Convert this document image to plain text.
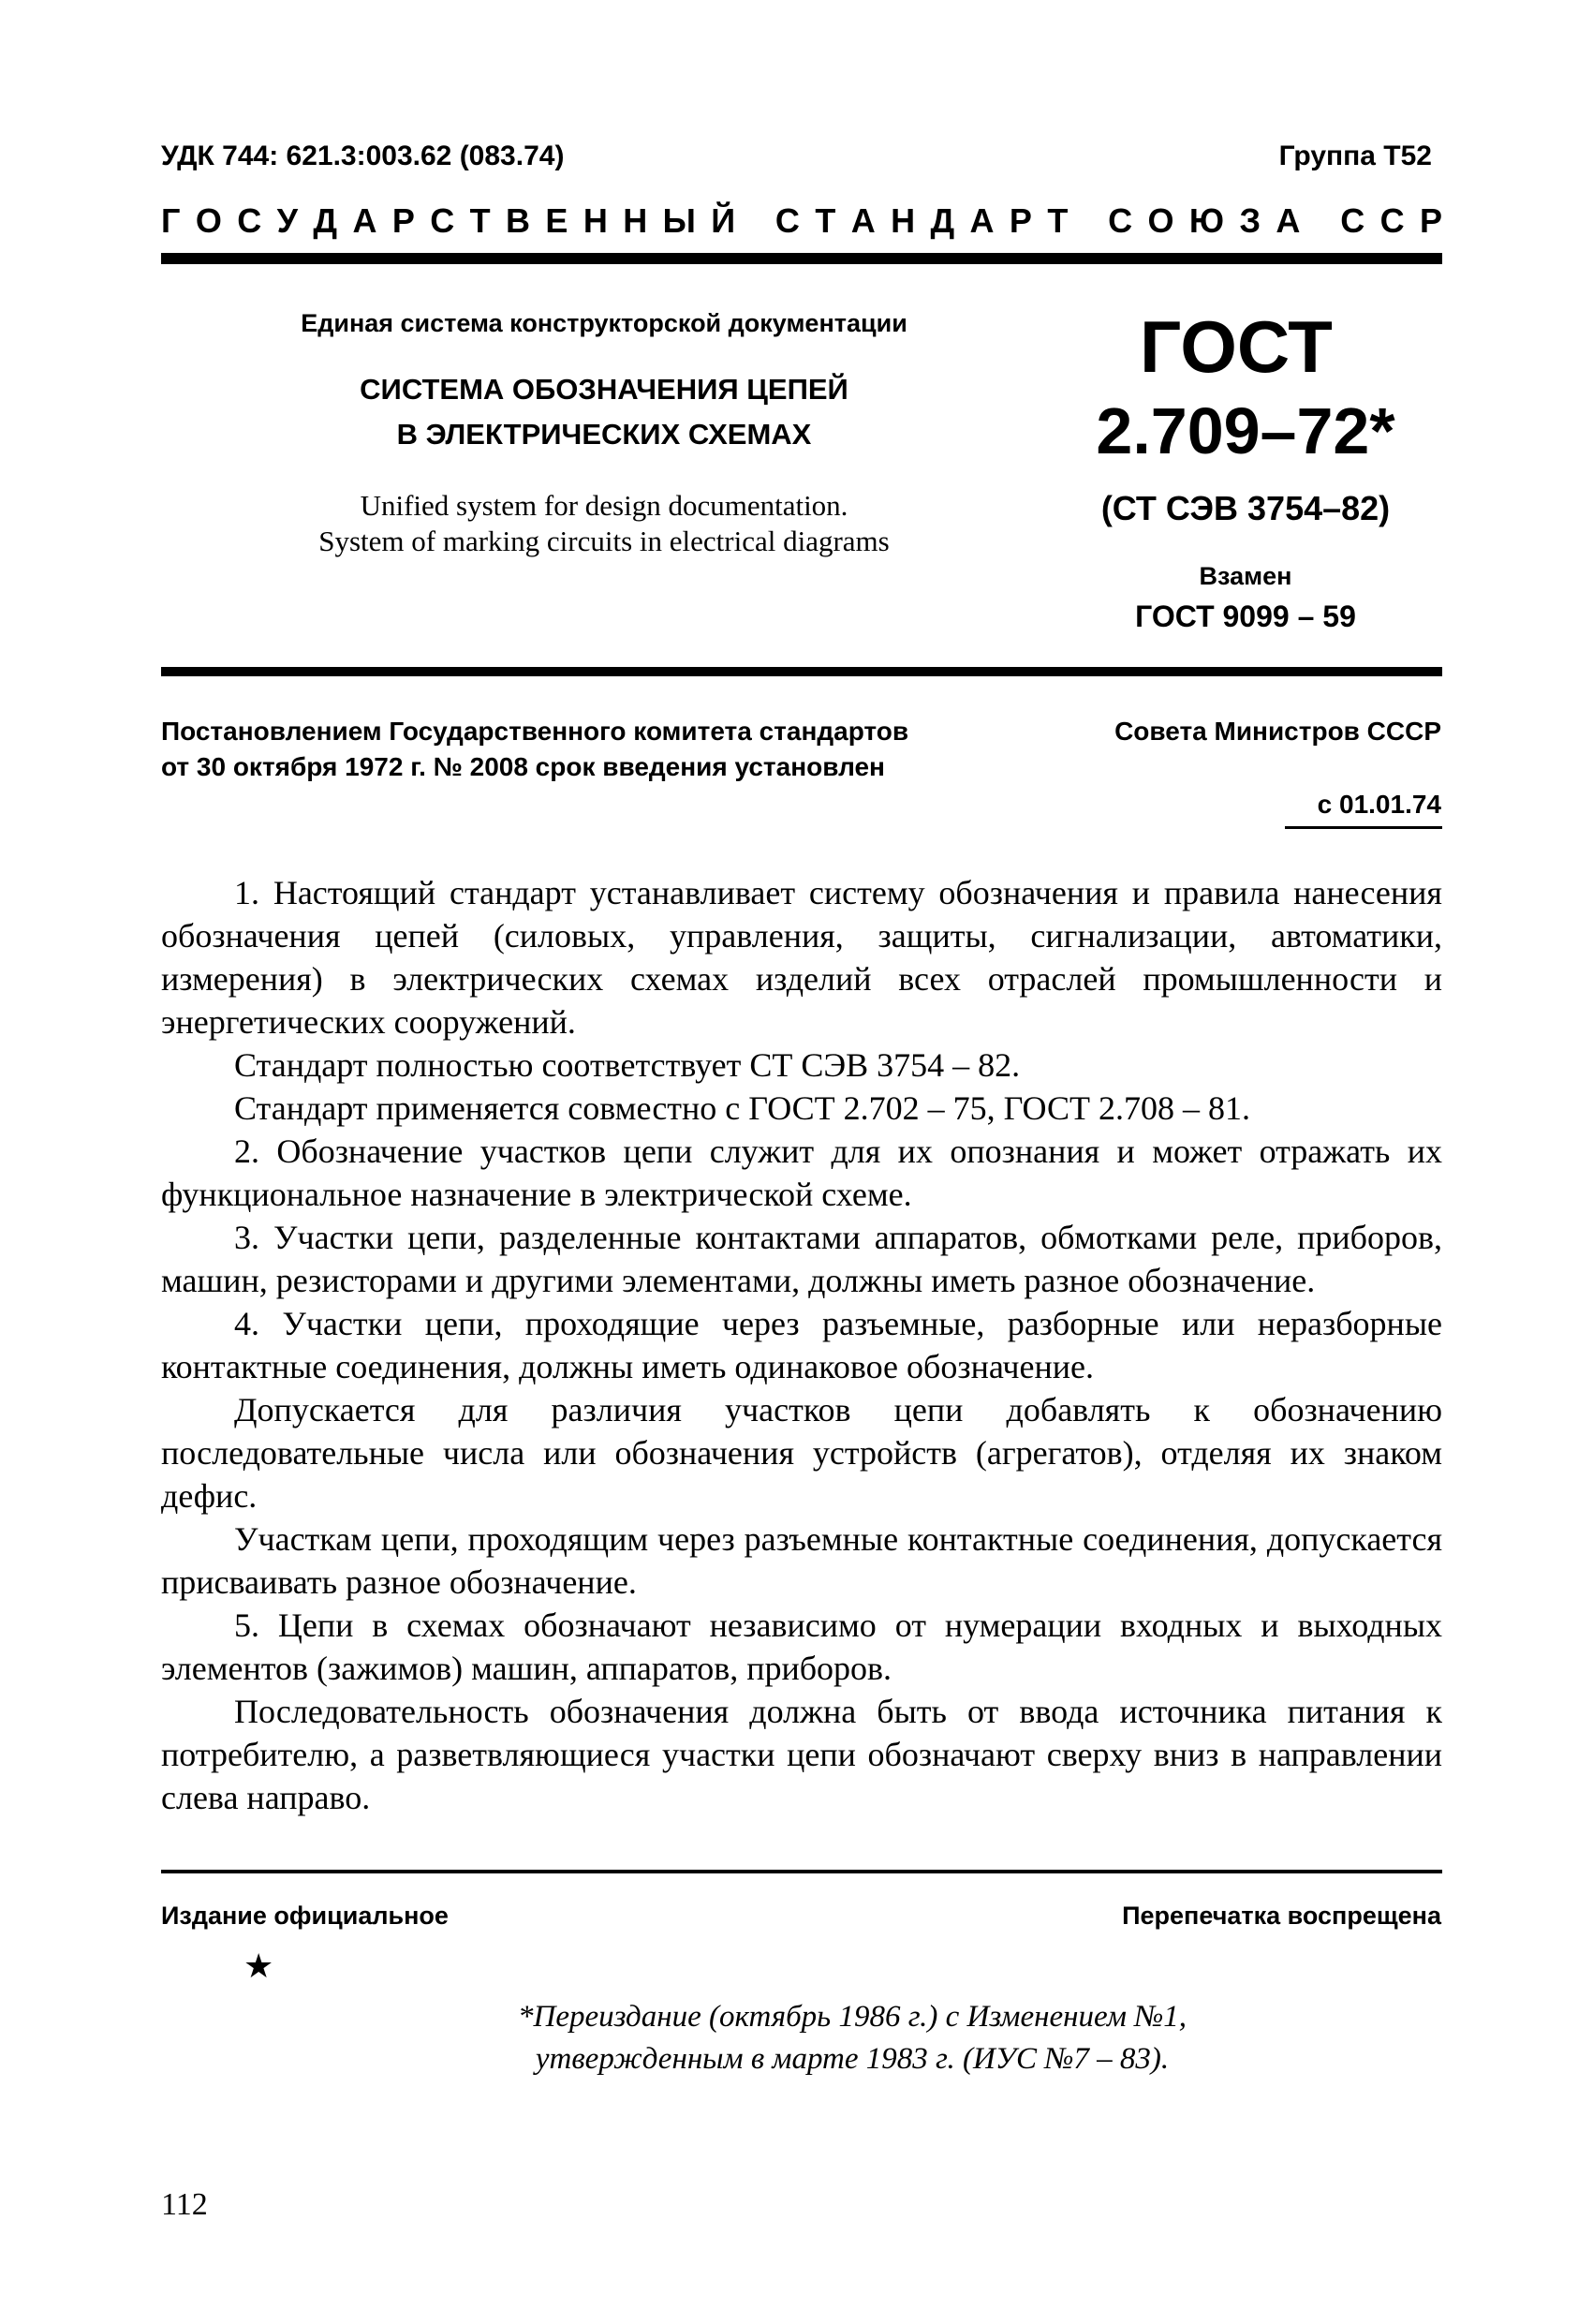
УДК 744: 621.3:003.62 (083.74)	Группа Т52
Г О С У Д А Р С Т В Е Н Н Ы Й
С Т А Н Д А Р Т
С О Ю З А
С С Р
Единая система конструкторской документации
СИСТЕМА ОБОЗНАЧЕНИЯ ЦЕПЕЙ
В ЭЛЕКТРИЧЕСКИХ СХЕМАХ
Unified system for design documentation.
System of marking circuits in electrical diagrams
ГОСТ
2.709–72*
(СТ СЭВ 3754–82)
Взамен
ГОСТ 9099 – 59
Постановлением Государственного комитета стандартов	Совета Министров СССР
от 30 октября 1972 г. № 2008 срок введения установлен
с 01.01.74

1. Настоящий стандарт устанавливает систему обозначения и правила нанесения обозначения цепей (силовых, управления, защиты, сигнализации, автоматики, измерения) в электрических схемах изделий всех отраслей промышленности и энергетических сооружений.

Стандарт полностью соответствует СТ СЭВ 3754 – 82.

Стандарт применяется совместно с ГОСТ 2.702 – 75, ГОСТ 2.708 – 81.

2. Обозначение участков цепи служит для их опознания и может отражать их функциональное назначение в электрической схеме.

3. Участки цепи, разделенные контактами аппаратов, обмотками реле, приборов, машин, резисторами и другими элементами, должны иметь разное обозначение.

4. Участки цепи, проходящие через разъемные, разборные или неразборные контактные соединения, должны иметь одинаковое обозначение.

Допускается для различия участков цепи добавлять к обозначению последовательные числа или обозначения устройств (агрегатов), отделяя их знаком дефис.

Участкам цепи, проходящим через разъемные контактные соединения, допускается присваивать разное обозначение.

5. Цепи в схемах обозначают независимо от нумерации входных и выходных элементов (зажимов) машин, аппаратов, приборов.

Последовательность обозначения должна быть от ввода источника питания к потребителю, а разветвляющиеся участки цепи обозначают сверху вниз в направлении слева направо.

Издание официальное	Перепечатка воспрещена
★
*Переиздание (октябрь 1986 г.) с Изменением №1,
утвержденным в марте 1983 г. (ИУС №7 – 83).
112
